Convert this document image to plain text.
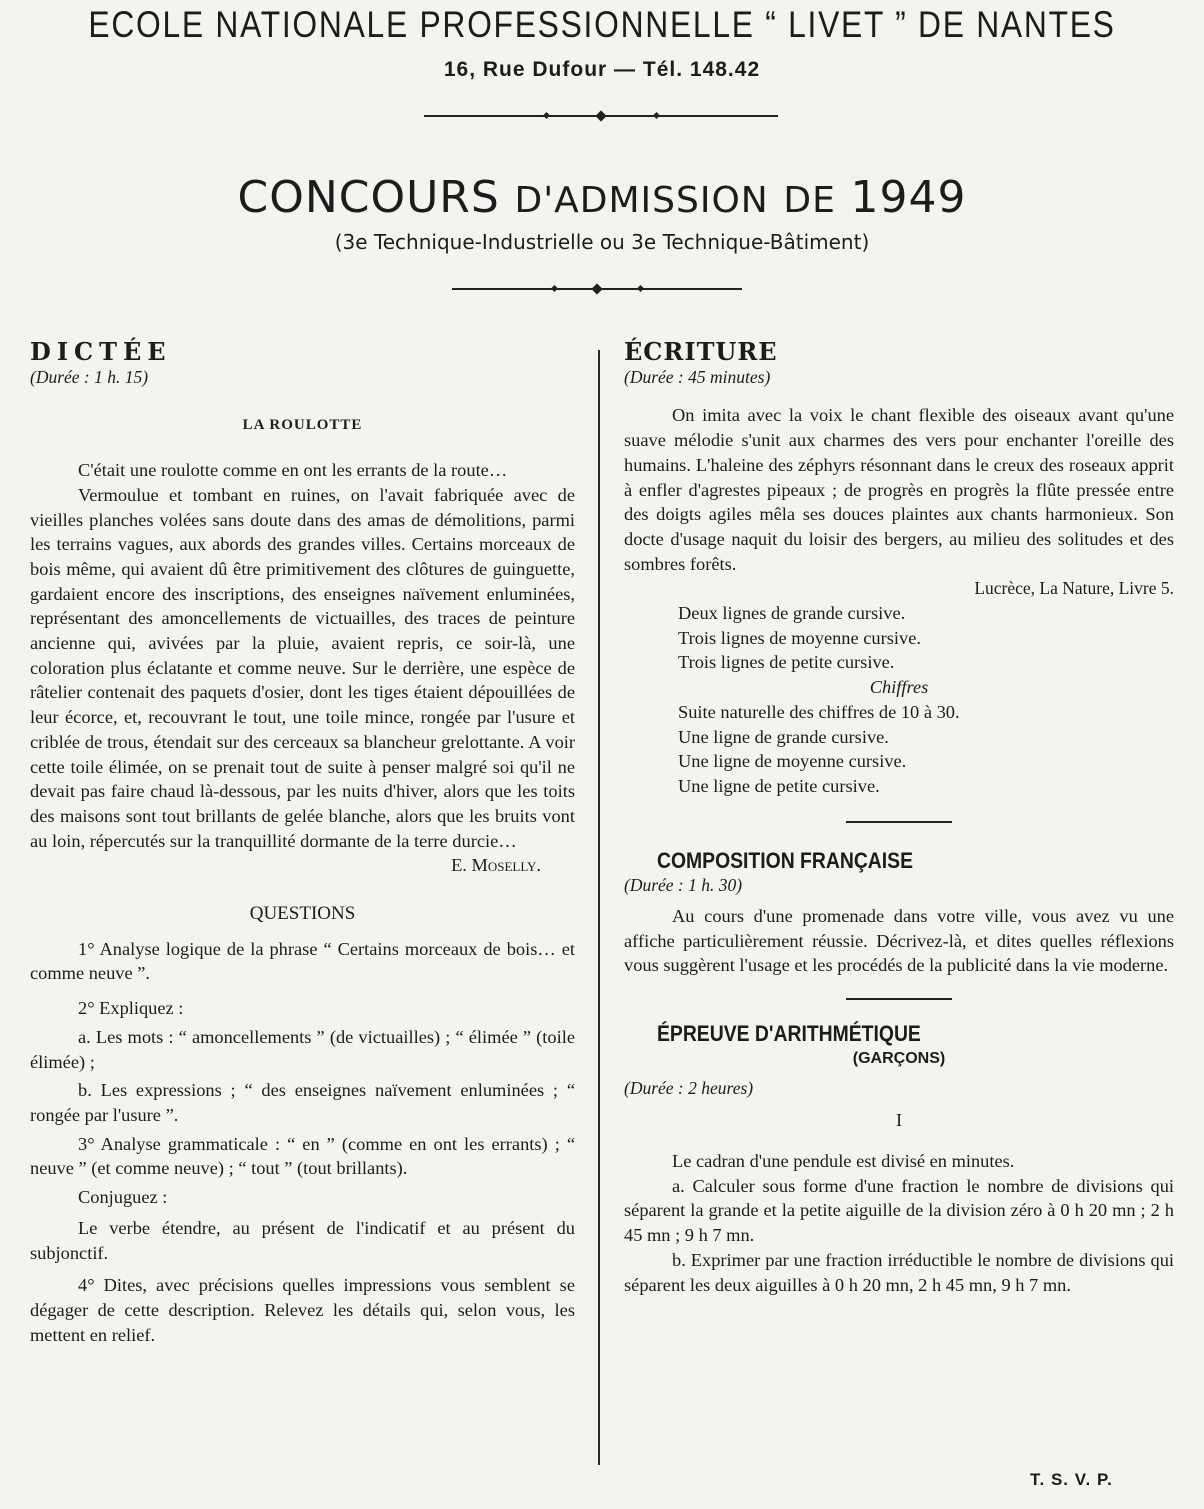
ECOLE NATIONALE PROFESSIONNELLE “ LIVET ” DE NANTES
16, Rue Dufour — Tél. 148.42
CONCOURS D'ADMISSION DE 1949
(3e Technique-Industrielle ou 3e Technique-Bâtiment)

DICTÉE

(Durée : 1 h. 15)

LA ROULOTTE

C'était une roulotte comme en ont les errants de la route…

Vermoulue et tombant en ruines, on l'avait fabriquée avec de vieilles planches volées sans doute dans des amas de démolitions, parmi les terrains vagues, aux abords des grandes villes. Certains morceaux de bois même, qui avaient dû être primitivement des clôtures de guinguette, gardaient encore des inscriptions, des enseignes naïvement enluminées, représentant des amoncellements de victuailles, des traces de peinture ancienne qui, avivées par la pluie, avaient repris, ce soir-là, une coloration plus éclatante et comme neuve. Sur le derrière, une espèce de râtelier contenait des paquets d'osier, dont les tiges étaient dépouillées de leur écorce, et, recouvrant le tout, une toile mince, rongée par l'usure et criblée de trous, étendait sur des cerceaux sa blancheur grelottante. A voir cette toile élimée, on se prenait tout de suite à penser malgré soi qu'il ne devait pas faire chaud là-dessous, par les nuits d'hiver, alors que les toits des maisons sont tout brillants de gelée blanche, alors que les bruits vont au loin, répercutés sur la tranquillité dormante de la terre durcie…

E. Moselly.

QUESTIONS

1° Analyse logique de la phrase “ Certains morceaux de bois… et comme neuve ”.

2° Expliquez :

a. Les mots : “ amoncellements ” (de victuailles) ; “ élimée ” (toile élimée) ;

b. Les expressions ; “ des enseignes naïvement enluminées ; “ rongée par l'usure ”.

3° Analyse grammaticale : “ en ” (comme en ont les errants) ; “ neuve ” (et comme neuve) ; “ tout ” (tout brillants).

Conjuguez :

Le verbe étendre, au présent de l'indicatif et au présent du subjonctif.

4° Dites, avec précisions quelles impressions vous semblent se dégager de cette description. Relevez les détails qui, selon vous, les mettent en relief.

ÉCRITURE

(Durée : 45 minutes)

On imita avec la voix le chant flexible des oiseaux avant qu'une suave mélodie s'unit aux charmes des vers pour enchanter l'oreille des humains. L'haleine des zéphyrs résonnant dans le creux des roseaux apprit à enfler d'agrestes pipeaux ; de progrès en progrès la flûte pressée entre des doigts agiles mêla ses douces plaintes aux chants harmonieux. Son docte d'usage naquit du loisir des bergers, au milieu des solitudes et des sombres forêts.

Lucrèce, La Nature, Livre 5.

Deux lignes de grande cursive.

Trois lignes de moyenne cursive.

Trois lignes de petite cursive.

Chiffres

Suite naturelle des chiffres de 10 à 30.

Une ligne de grande cursive.

Une ligne de moyenne cursive.

Une ligne de petite cursive.

COMPOSITION FRANÇAISE

(Durée : 1 h. 30)

Au cours d'une promenade dans votre ville, vous avez vu une affiche particulièrement réussie. Décrivez-là, et dites quelles réflexions vous suggèrent l'usage et les procédés de la publicité dans la vie moderne.

ÉPREUVE D'ARITHMÉTIQUE

(GARÇONS)

(Durée : 2 heures)

I

Le cadran d'une pendule est divisé en minutes.

a. Calculer sous forme d'une fraction le nombre de divisions qui séparent la grande et la petite aiguille de la division zéro à 0 h 20 mn ; 2 h 45 mn ; 9 h 7 mn.

b. Exprimer par une fraction irréductible le nombre de divisions qui séparent les deux aiguilles à 0 h 20 mn, 2 h 45 mn, 9 h 7 mn.

T. S. V. P.
